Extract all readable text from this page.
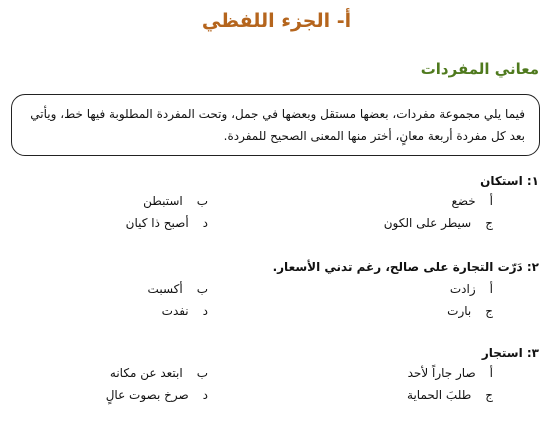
أ- الجزء اللفظي
معاني المفردات
فيما يلي مجموعة مفردات، بعضها مستقل وبعضها في جمل، وتحت المفردة المطلوبة فيها خط، ويأتي بعد كل مفردة أربعة معانٍ، أختر منها المعنى الصحيح للمفردة.

١: استكان

أخضع
باستبطن
جسيطر على الكون
دأصبح ذا كيان

٢: دَرّت التجارة على صالح، رغم تدني الأسعار.

أزادت
بأكسبت
جبارت
دنفدت

٣: استجار

أصار جاراً لأحد
بابتعد عن مكانه
جطلبَ الحماية
دصرخ بصوت عالٍ
